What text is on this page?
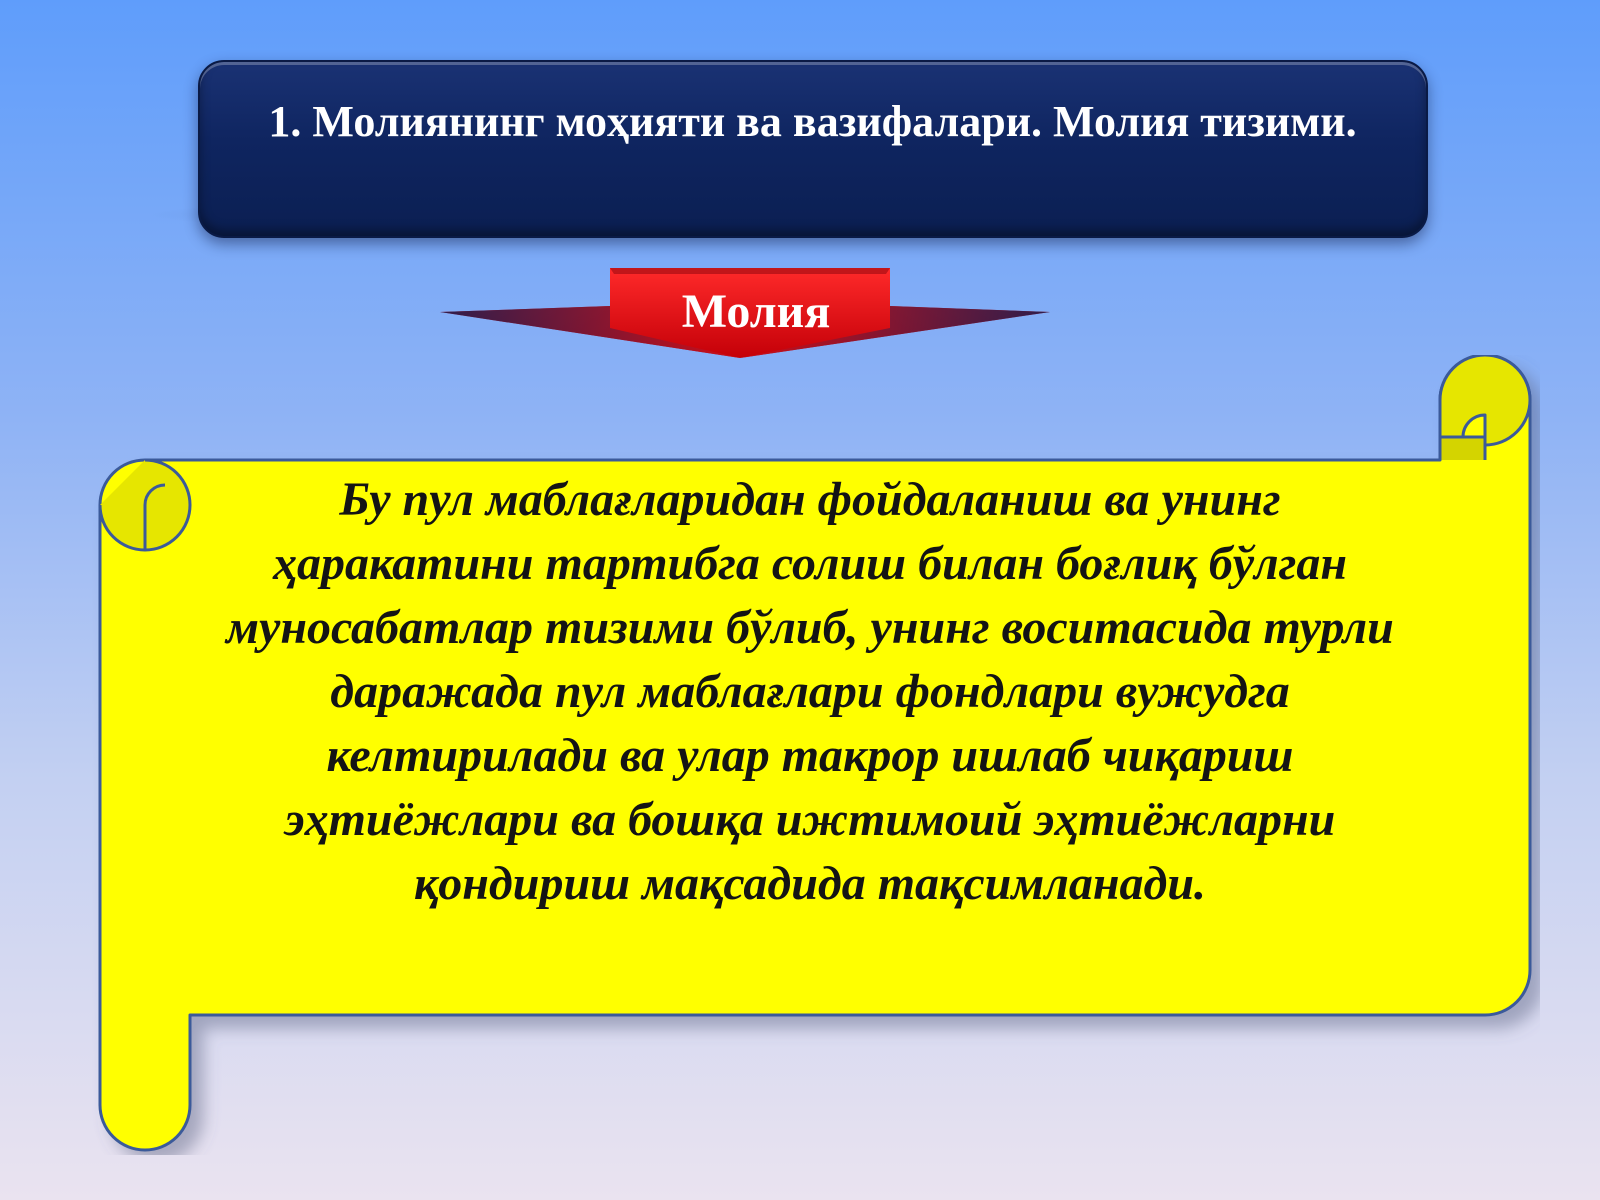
1. Молиянинг моҳияти ва вазифалари. Молия тизими.
Молия
Бу пул маблағларидан фойдаланиш ва унинг ҳаракатини тартибга солиш билан боғлиқ бўлган муносабатлар тизими бўлиб, унинг воситасида турли даражада пул маблағлари фондлари вужудга келтирилади ва улар такрор ишлаб чиқариш эҳтиёжлари ва бошқа ижтимоий эҳтиёжларни қондириш мақсадида тақсимланади.
